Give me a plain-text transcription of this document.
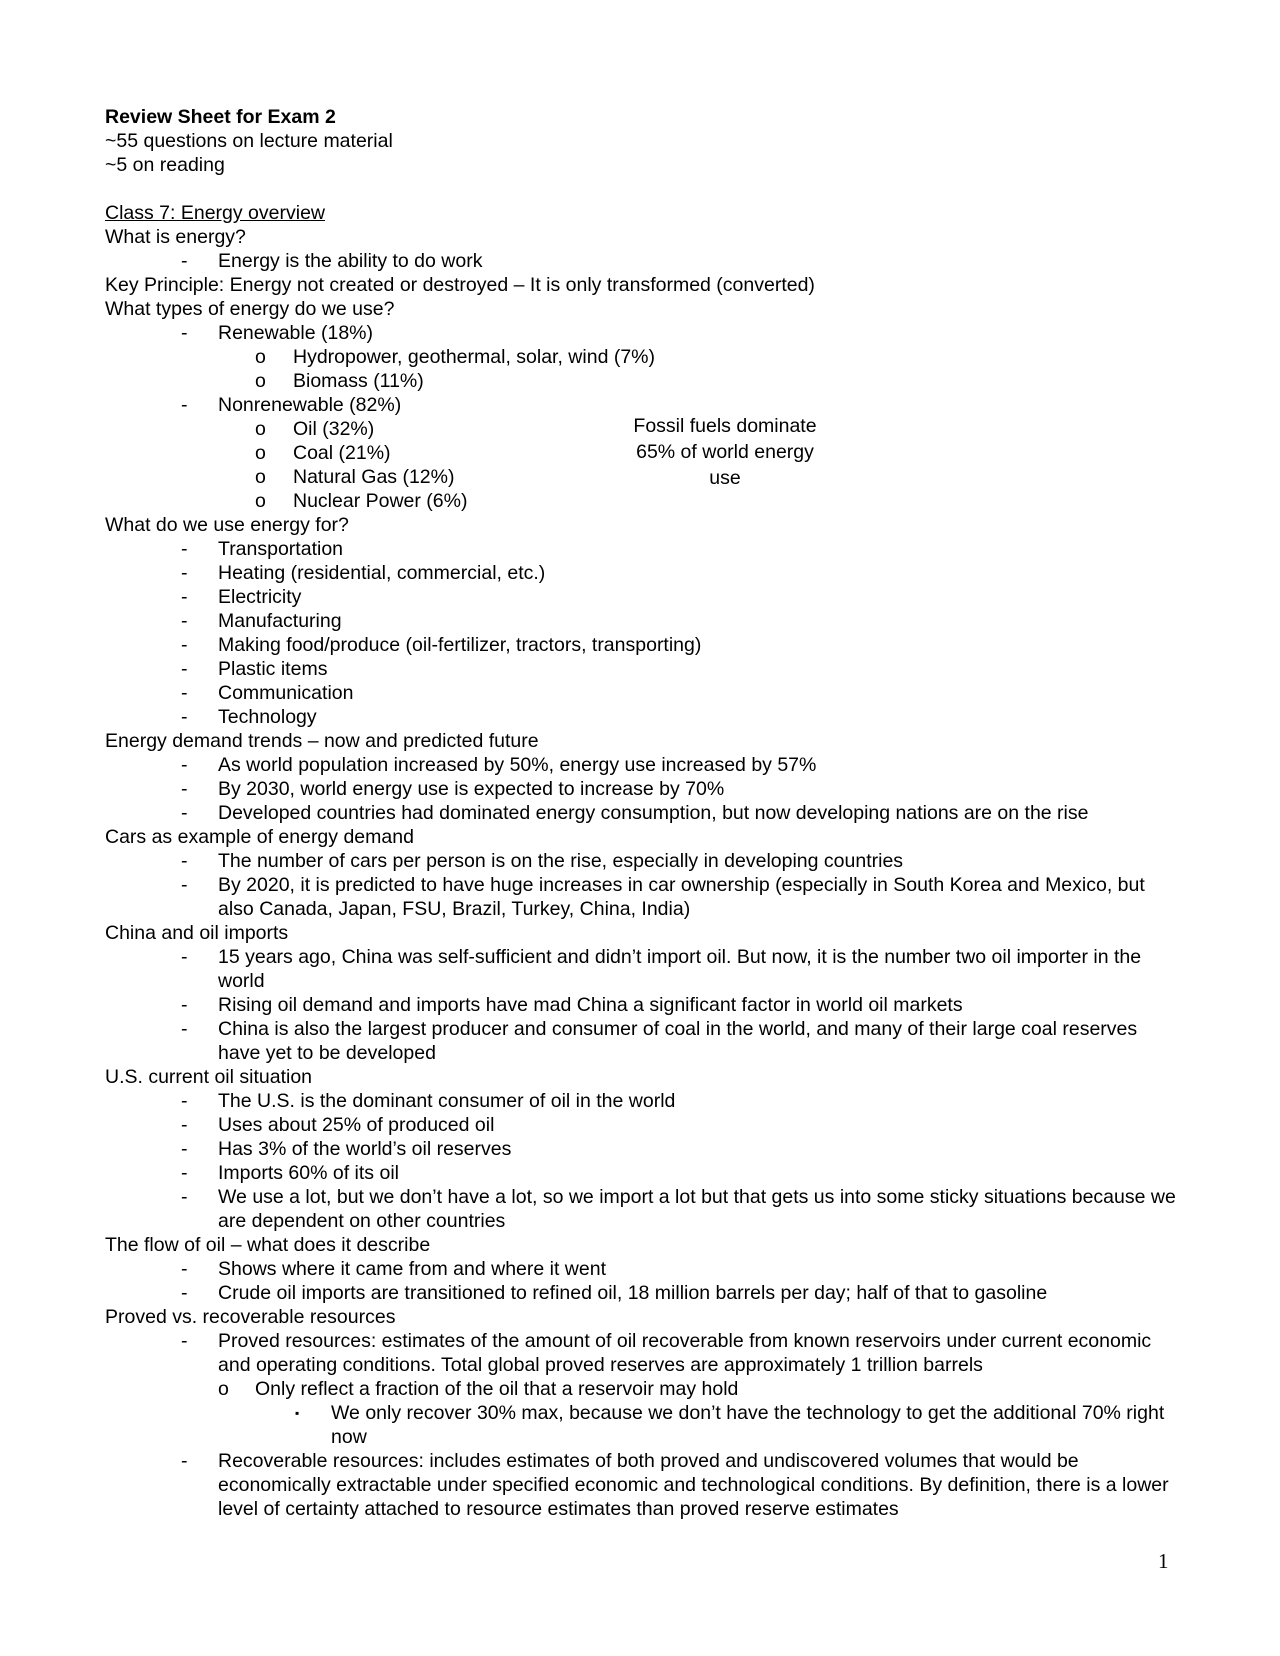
Review Sheet for Exam 2
~55 questions on lecture material
~5 on reading
Class 7: Energy overview
What is energy?
- Energy is the ability to do work
Key Principle: Energy not created or destroyed – It is only transformed (converted)
What types of energy do we use?
- Renewable (18%)
o Hydropower, geothermal, solar, wind (7%)
o Biomass (11%)
- Nonrenewable (82%)
o Oil (32%)
o Coal (21%)
o Natural Gas (12%)
o Nuclear Power (6%)
What do we use energy for?
- Transportation
- Heating (residential, commercial, etc.)
- Electricity
- Manufacturing
- Making food/produce (oil-fertilizer, tractors, transporting)
- Plastic items
- Communication
- Technology
Energy demand trends – now and predicted future
- As world population increased by 50%, energy use increased by 57%
- By 2030, world energy use is expected to increase by 70%
- Developed countries had dominated energy consumption, but now developing nations are on the rise
Cars as example of energy demand
- The number of cars per person is on the rise, especially in developing countries
- By 2020, it is predicted to have huge increases in car ownership (especially in South Korea and Mexico, but also Canada, Japan, FSU, Brazil, Turkey, China, India)
China and oil imports
- 15 years ago, China was self-sufficient and didn’t import oil. But now, it is the number two oil importer in the world
- Rising oil demand and imports have mad China a significant factor in world oil markets
- China is also the largest producer and consumer of coal in the world, and many of their large coal reserves have yet to be developed
U.S. current oil situation
- The U.S. is the dominant consumer of oil in the world
- Uses about 25% of produced oil
- Has 3% of the world’s oil reserves
- Imports 60% of its oil
- We use a lot, but we don’t have a lot, so we import a lot but that gets us into some sticky situations because we are dependent on other countries
The flow of oil – what does it describe
- Shows where it came from and where it went
- Crude oil imports are transitioned to refined oil, 18 million barrels per day; half of that to gasoline
Proved vs. recoverable resources
- Proved resources: estimates of the amount of oil recoverable from known reservoirs under current economic and operating conditions. Total global proved reserves are approximately 1 trillion barrels
o Only reflect a fraction of the oil that a reservoir may hold
▪ We only recover 30% max, because we don’t have the technology to get the additional 70% right now
- Recoverable resources: includes estimates of both proved and undiscovered volumes that would be economically extractable under specified economic and technological conditions. By definition, there is a lower level of certainty attached to resource estimates than proved reserve estimates
Fossil fuels dominate
65% of world energy
use
1
